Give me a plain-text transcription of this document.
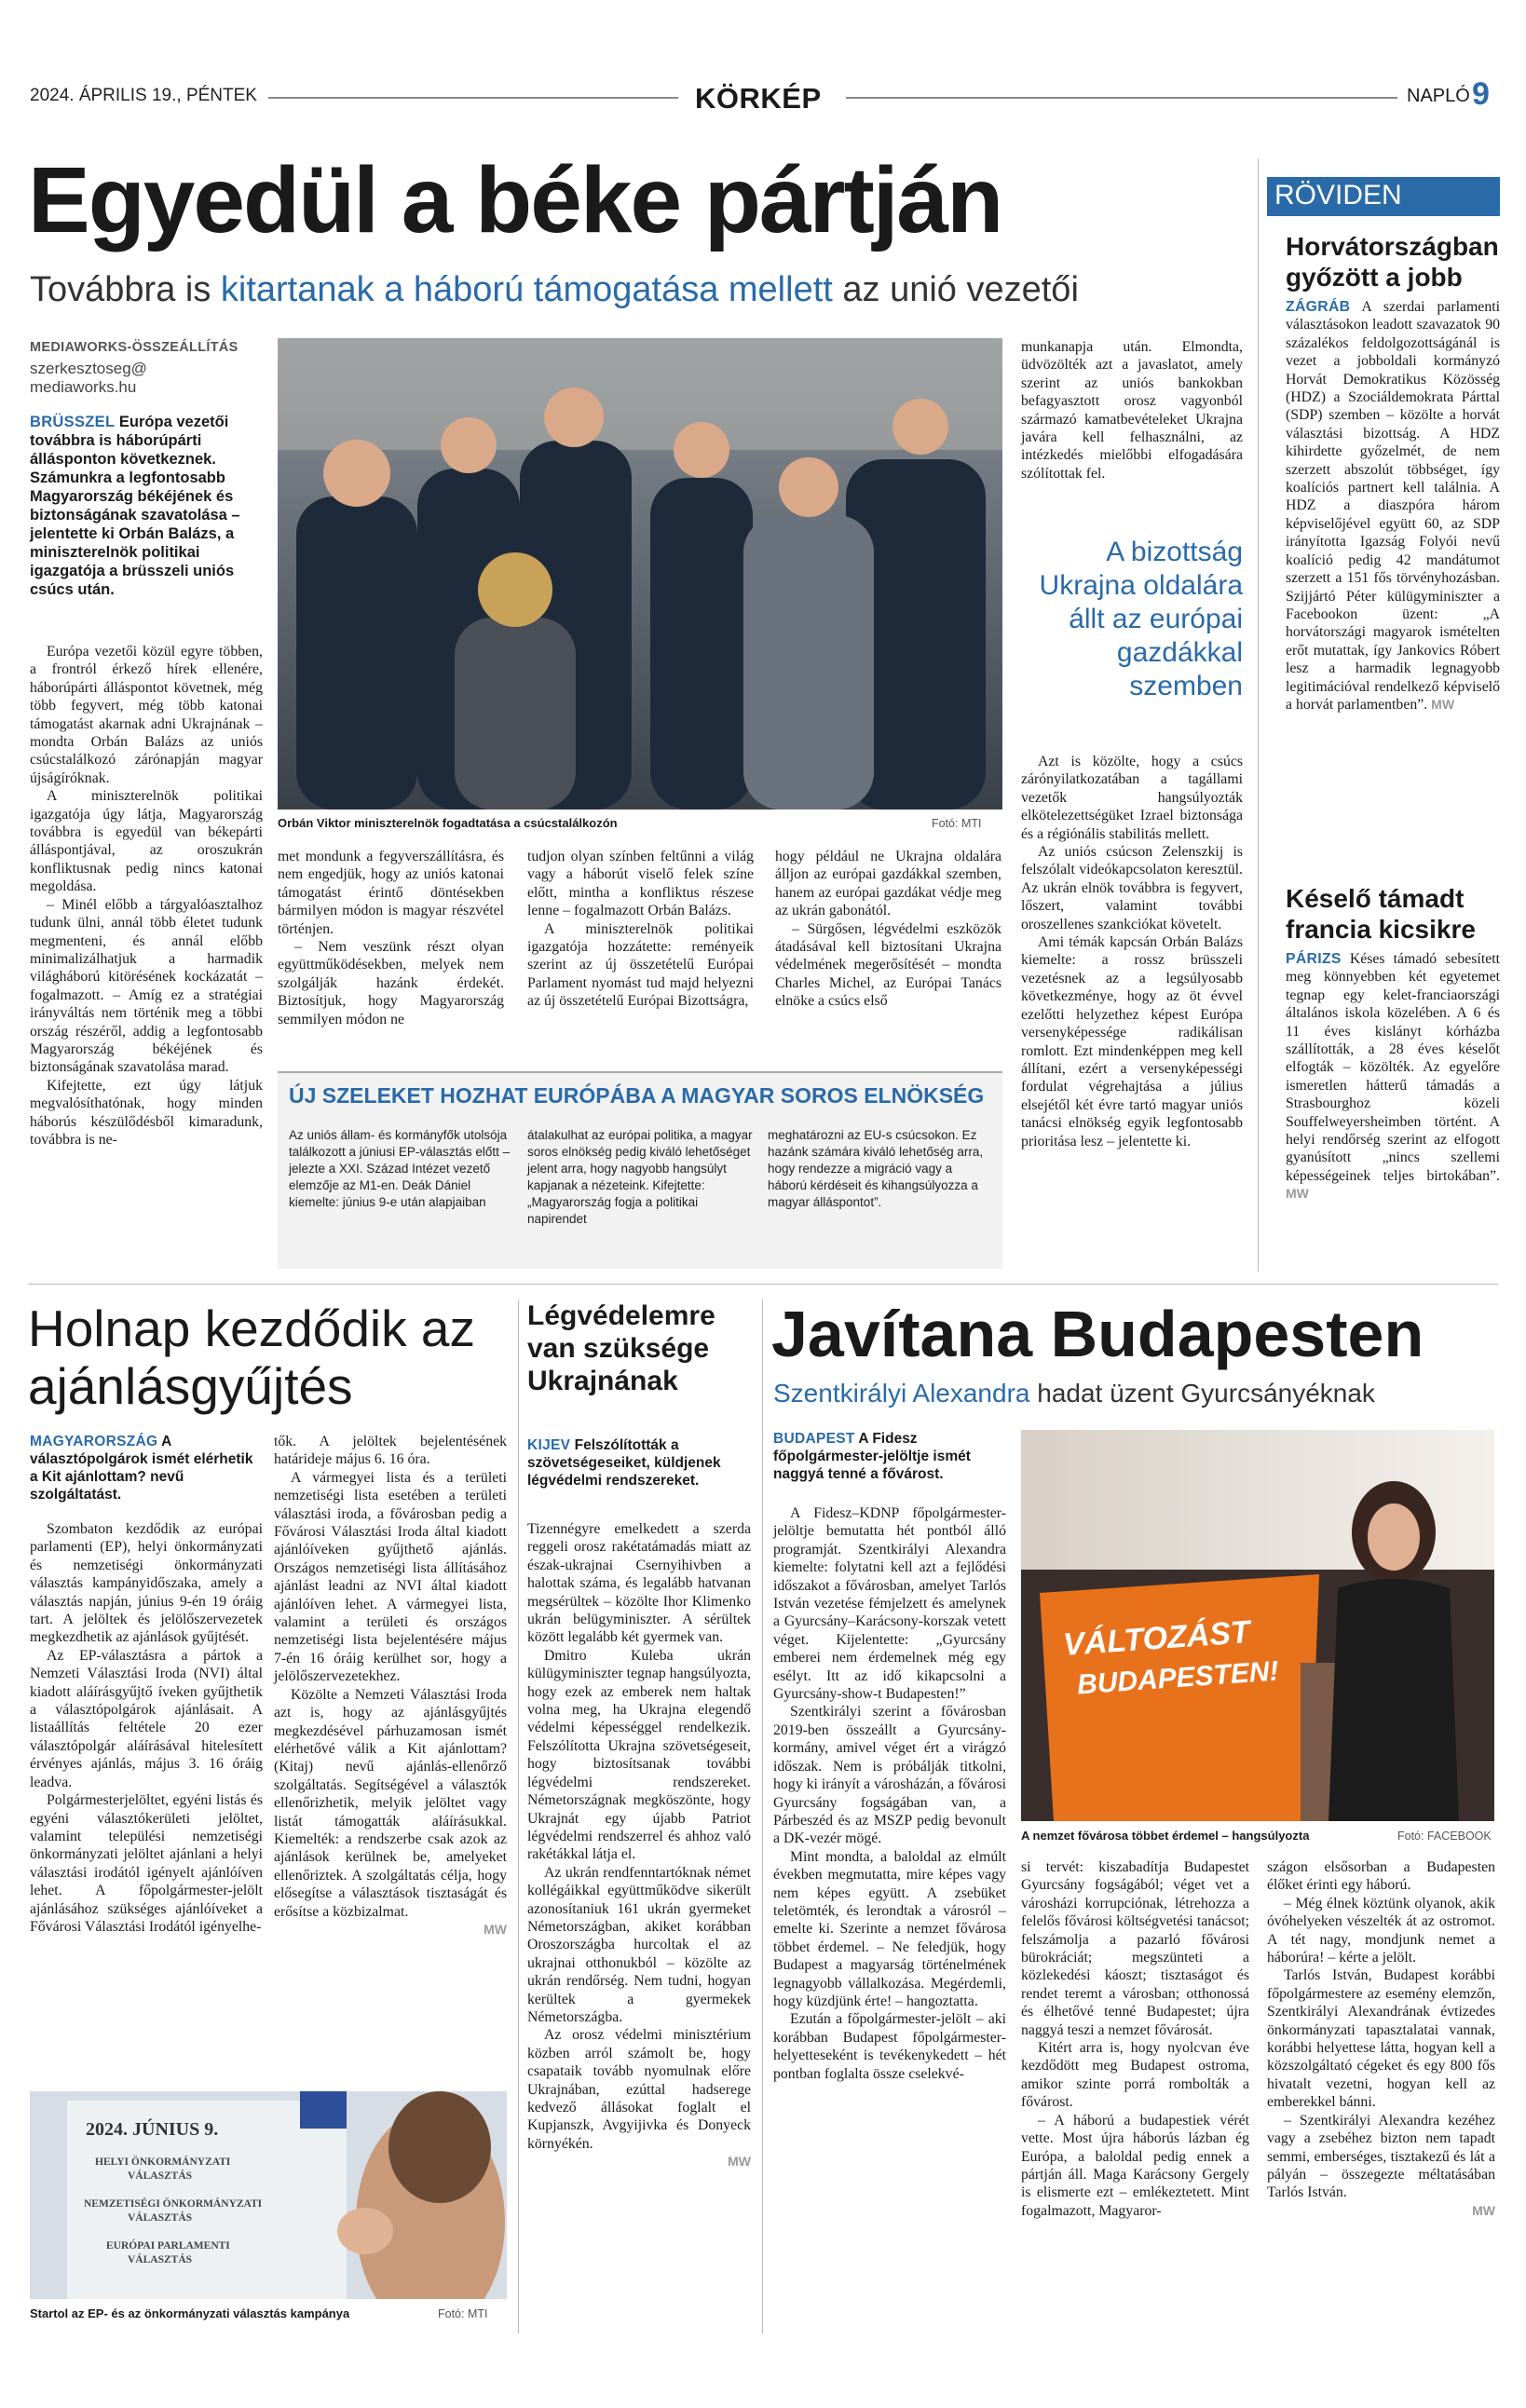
2024. ÁPRILIS 19., PÉNTEK	KÖRKÉP	NAPLÓ 9
Egyedül a béke pártján
Továbbra is kitartanak a háború támogatása mellett az unió vezetői
MEDIAWORKS-ÖSSZEÁLLÍTÁS
szerkesztoseg@
mediaworks.hu
BRÜSSZEL Európa vezetői továbbra is háborúpárti állásponton következnek. Számunkra a legfontosabb Magyarország békéjének és biztonságának szavatolása – jelentette ki Orbán Balázs, a miniszterelnök politikai igazgatója a brüsszeli uniós csúcs után.

Európa vezetői közül egyre többen, a frontról érkező hírek ellenére, háborúpárti álláspontot követnek, még több fegyvert, még több katonai támogatást akarnak adni Ukrajnának – mondta Orbán Balázs az uniós csúcstalálkozó zárónapján magyar újságíróknak.

A miniszterelnök politikai igazgatója úgy látja, Magyarország továbbra is egyedül van békepárti álláspontjával, az oroszukrán konfliktusnak pedig nincs katonai megoldása.

– Minél előbb a tárgyalóasztalhoz tudunk ülni, annál több életet tudunk megmenteni, és annál előbb minimalizálhatjuk a harmadik világháború kitörésének kockázatát – fogalmazott. – Amíg ez a stratégiai irányváltás nem történik meg a többi ország részéről, addig a legfontosabb Magyarország békéjének és biztonságának szavatolása marad.

Kifejtette, ezt úgy látjuk megvalósíthatónak, hogy minden háborús készülődésből kimaradunk, továbbra is ne-

Orbán Viktor miniszterelnök fogadtatása a csúcstalálkozón	Fotó: MTI

met mondunk a fegyverszállításra, és nem engedjük, hogy az uniós katonai támogatást érintő döntésekben bármilyen módon is magyar részvétel történjen.

– Nem veszünk részt olyan együttműködésekben, melyek nem szolgálják hazánk érdekét. Biztosítjuk, hogy Magyarország semmilyen módon ne

tudjon olyan színben feltűnni a világ vagy a háborút viselő felek színe előtt, mintha a konfliktus részese lenne – fogalmazott Orbán Balázs.

A miniszterelnök politikai igazgatója hozzátette: reményeik szerint az új összetételű Európai Parlament nyomást tud majd helyezni az új összetételű Európai Bizottságra,

hogy például ne Ukrajna oldalára álljon az európai gazdákkal szemben, hanem az európai gazdákat védje meg az ukrán gabonától.

– Sürgősen, légvédelmi eszközök átadásával kell biztosítani Ukrajna védelmének megerősítését – mondta Charles Michel, az Európai Tanács elnöke a csúcs első

ÚJ SZELEKET HOZHAT EURÓPÁBA A MAGYAR SOROS ELNÖKSÉG
Az uniós állam- és kormányfők utolsója találkozott a júniusi EP-választás előtt – jelezte a XXI. Század Intézet vezető elemzője az M1-en. Deák Dániel kiemelte: június 9-e után alapjaiban
átalakulhat az európai politika, a magyar soros elnökség pedig kiváló lehetőséget jelent arra, hogy nagyobb hangsúlyt kapjanak a nézeteink. Kifejtette: „Magyarország fogja a politikai napirendet
meghatározni az EU-s csúcsokon. Ez hazánk számára kiváló lehetőség arra, hogy rendezze a migráció vagy a háború kérdéseit és kihangsúlyozza a magyar álláspontot”.

munkanapja után. Elmondta, üdvözölték azt a javaslatot, amely szerint az uniós bankokban befagyasztott orosz vagyonból származó kamatbevételeket Ukrajna javára kell felhasználni, az intézkedés mielőbbi elfogadására szólítottak fel.

A bizottság Ukrajna oldalára állt az európai gazdákkal szemben

Azt is közölte, hogy a csúcs zárónyilatkozatában a tagállami vezetők hangsúlyozták elkötelezettségüket Izrael biztonsága és a régiónális stabilitás mellett.

Az uniós csúcson Zelenszkij is felszólalt videókapcsolaton keresztül. Az ukrán elnök továbbra is fegyvert, lőszert, valamint további oroszellenes szankciókat követelt.

Ami témák kapcsán Orbán Balázs kiemelte: a rossz brüsszeli vezetésnek az a legsúlyosabb következménye, hogy az öt évvel ezelőtti helyzethez képest Európa versenyképessége radikálisan romlott. Ezt mindenképpen meg kell állítani, ezért a versenyképességi fordulat végrehajtása a július elsejétől két évre tartó magyar uniós tanácsi elnökség egyik legfontosabb prioritása lesz – jelentette ki.

RÖVIDEN
Horvátországban győzött a jobb

ZÁGRÁB A szerdai parlamenti választásokon leadott szavazatok 90 százalékos feldolgozottságánál is vezet a jobboldali kormányzó Horvát Demokratikus Közösség (HDZ) a Szociáldemokrata Párttal (SDP) szemben – közölte a horvát választási bizottság. A HDZ kihirdette győzelmét, de nem szerzett abszolút többséget, így koalíciós partnert kell találnia. A HDZ a diaszpóra három képviselőjével együtt 60, az SDP irányította Igazság Folyói nevű koalíció pedig 42 mandátumot szerzett a 151 fős törvényhozásban. Szijjártó Péter külügyminiszter a Facebookon üzent: „A horvátországi magyarok ismételten erőt mutattak, így Jankovics Róbert lesz a harmadik legnagyobb legitimációval rendelkező képviselő a horvát parlamentben”. MW

Késelő támadt francia kicsikre

PÁRIZS Késes támadó sebesített meg könnyebben két egyetemet tegnap egy kelet-franciaországi általános iskola közelében. A 6 és 11 éves kislányt kórházba szállították, a 28 éves késelőt elfogták – közölték. Az egyelőre ismeretlen hátterű támadás a Strasbourghoz közeli Souffelweyersheimben történt. A helyi rendőrség szerint az elfogott gyanúsított „nincs szellemi képességeinek teljes birtokában”. MW

Holnap kezdődik az ajánlásgyűjtés
MAGYARORSZÁG A választópolgárok ismét elérhetik a Kit ajánlottam? nevű szolgáltatást.

Szombaton kezdődik az európai parlamenti (EP), helyi önkormányzati és nemzetiségi önkormányzati választás kampányidőszaka, amely a választás napján, június 9-én 19 óráig tart. A jelöltek és jelölőszervezetek megkezdhetik az ajánlások gyűjtését.

Az EP-választásra a pártok a Nemzeti Választási Iroda (NVI) által kiadott aláírásgyűjtő íveken gyűjthetik a választópolgárok ajánlásait. A listaállítás feltétele 20 ezer választópolgár aláírásával hitelesített érvényes ajánlás, május 3. 16 óráig leadva.

Polgármesterjelöltet, egyéni listás és egyéni választókerületi jelöltet, valamint települési nemzetiségi önkormányzati jelöltet ajánlani a helyi választási irodától igényelt ajánlóíven lehet. A főpolgármester-jelölt ajánlásához szükséges ajánlóíveket a Fővárosi Választási Irodától igényelhe-

tők. A jelöltek bejelentésének határideje május 6. 16 óra.

A vármegyei lista és a területi nemzetiségi lista esetében a területi választási iroda, a fővárosban pedig a Fővárosi Választási Iroda által kiadott ajánlóíveken gyűjthető ajánlás. Országos nemzetiségi lista állításához ajánlást leadni az NVI által kiadott ajánlóíven lehet. A vármegyei lista, valamint a területi és országos nemzetiségi lista bejelentésére május 7-én 16 óráig kerülhet sor, hogy a jelölőszervezetekhez.

Közölte a Nemzeti Választási Iroda azt is, hogy az ajánlásgyűjtés megkezdésével párhuzamosan ismét elérhetővé válik a Kit ajánlottam? (Kitaj) nevű ajánlás-ellenőrző szolgáltatás. Segítségével a választók ellenőrizhetik, melyik jelöltet vagy listát támogatták aláírásukkal. Kiemelték: a rendszerbe csak azok az ajánlások kerülnek be, amelyeket ellenőriztek. A szolgáltatás célja, hogy elősegítse a választások tisztaságát és erősítse a közbizalmat.

MW
2024. JÚNIUS 9.
HELYI ÖNKORMÁNYZATI
VÁLASZTÁS
NEMZETISÉGI ÖNKORMÁNYZATI
VÁLASZTÁS
EURÓPAI PARLAMENTI
VÁLASZTÁS
Startol az EP- és az önkormányzati választás kampánya	Fotó: MTI
Légvédelemre van szüksége Ukrajnának
KIJEV Felszólították a szövetségeseiket, küldjenek légvédelmi rendszereket.

Tizennégyre emelkedett a szerda reggeli orosz rakétatámadás miatt az észak-ukrajnai Csernyihivben a halottak száma, és legalább hatvanan megsérültek – közölte Ihor Klimenko ukrán belügyminiszter. A sérültek között legalább két gyermek van.

Dmitro Kuleba ukrán külügyminiszter tegnap hangsúlyozta, hogy ezek az emberek nem haltak volna meg, ha Ukrajna elegendő védelmi képességgel rendelkezik. Felszólította Ukrajna szövetségeseit, hogy biztosítsanak további légvédelmi rendszereket. Németországnak megköszönte, hogy Ukrajnát egy újabb Patriot légvédelmi rendszerrel és ahhoz való rakétákkal látja el.

Az ukrán rendfenntartóknak német kollégáikkal együttműködve sikerült azonosítaniuk 161 ukrán gyermeket Németországban, akiket korábban Oroszországba hurcoltak el az ukrajnai otthonukból – közölte az ukrán rendőrség. Nem tudni, hogyan kerültek a gyermekek Németországba.

Az orosz védelmi minisztérium közben arról számolt be, hogy csapataik tovább nyomulnak előre Ukrajnában, ezúttal hadserege kedvező állásokat foglalt el Kupjanszk, Avgyijivka és Donyeck környékén.

MW
Javítana Budapesten
Szentkirályi Alexandra hadat üzent Gyurcsányéknak
BUDAPEST A Fidesz főpolgármester-jelöltje ismét naggyá tenné a fővárost.

A Fidesz–KDNP főpolgármester-jelöltje bemutatta hét pontból álló programját. Szentkirályi Alexandra kiemelte: folytatni kell azt a fejlődési időszakot a fővárosban, amelyet Tarlós István vezetése fémjelzett és amelynek a Gyurcsány–Karácsony-korszak vetett véget. Kijelentette: „Gyurcsány emberei nem érdemelnek még egy esélyt. Itt az idő kikapcsolni a Gyurcsány-show-t Budapesten!”

Szentkirályi szerint a fővárosban 2019-ben összeállt a Gyurcsány-kormány, amivel véget ért a virágzó időszak. Nem is próbálják titkolni, hogy ki irányít a városházán, a fővárosi Gyurcsány fogságában van, a Párbeszéd és az MSZP pedig bevonult a DK-vezér mögé.

Mint mondta, a baloldal az elmúlt években megmutatta, mire képes vagy nem képes együtt. A zsebüket teletömték, és lerondtak a városról – emelte ki. Szerinte a nemzet fővárosa többet érdemel. – Ne feledjük, hogy Budapest a magyarság történelmének legnagyobb vállalkozása. Megérdemli, hogy küzdjünk érte! – hangoztatta.

Ezután a főpolgármester-jelölt – aki korábban Budapest főpolgármester-helyetteseként is tevékenykedett – hét pontban foglalta össze cselekvé-

VÁLTOZÁST
BUDAPESTEN!
A nemzet fővárosa többet érdemel – hangsúlyozta	Fotó: FACEBOOK

si tervét: kiszabadítja Budapestet Gyurcsány fogságából; véget vet a városházi korrupciónak, létrehozza a felelős fővárosi költségvetési tanácsot; felszámolja a pazarló fővárosi bürokráciát; megszünteti a közlekedési káoszt; tisztaságot és rendet teremt a városban; otthonossá és élhetővé tenné Budapestet; újra naggyá teszi a nemzet fővárosát.

Kitért arra is, hogy nyolcvan éve kezdődött meg Budapest ostroma, amikor szinte porrá rombolták a fővárost.

– A háború a budapestiek vérét vette. Most újra háborús lázban ég Európa, a baloldal pedig ennek a pártján áll. Maga Karácsony Gergely is elismerte ezt – emlékeztetett. Mint fogalmazott, Magyaror-

szágon elsősorban a Budapesten élőket érinti egy háború.

– Még élnek köztünk olyanok, akik óvóhelyeken vészelték át az ostromot. A tét nagy, mondjunk nemet a háborúra! – kérte a jelölt.

Tarlós István, Budapest korábbi főpolgármestere az esemény elemzőn, Szentkirályi Alexandrának évtizedes önkormányzati tapasztalatai vannak, korábbi helyettese látta, hogyan kell a közszolgáltató cégeket és egy 800 fős hivatalt vezetni, hogyan kell az emberekkel bánni.

– Szentkirályi Alexandra kezéhez vagy a zsebéhez bizton nem tapadt semmi, emberséges, tisztakezű és lát a pályán – összegezte méltatásában Tarlós István.

MW
